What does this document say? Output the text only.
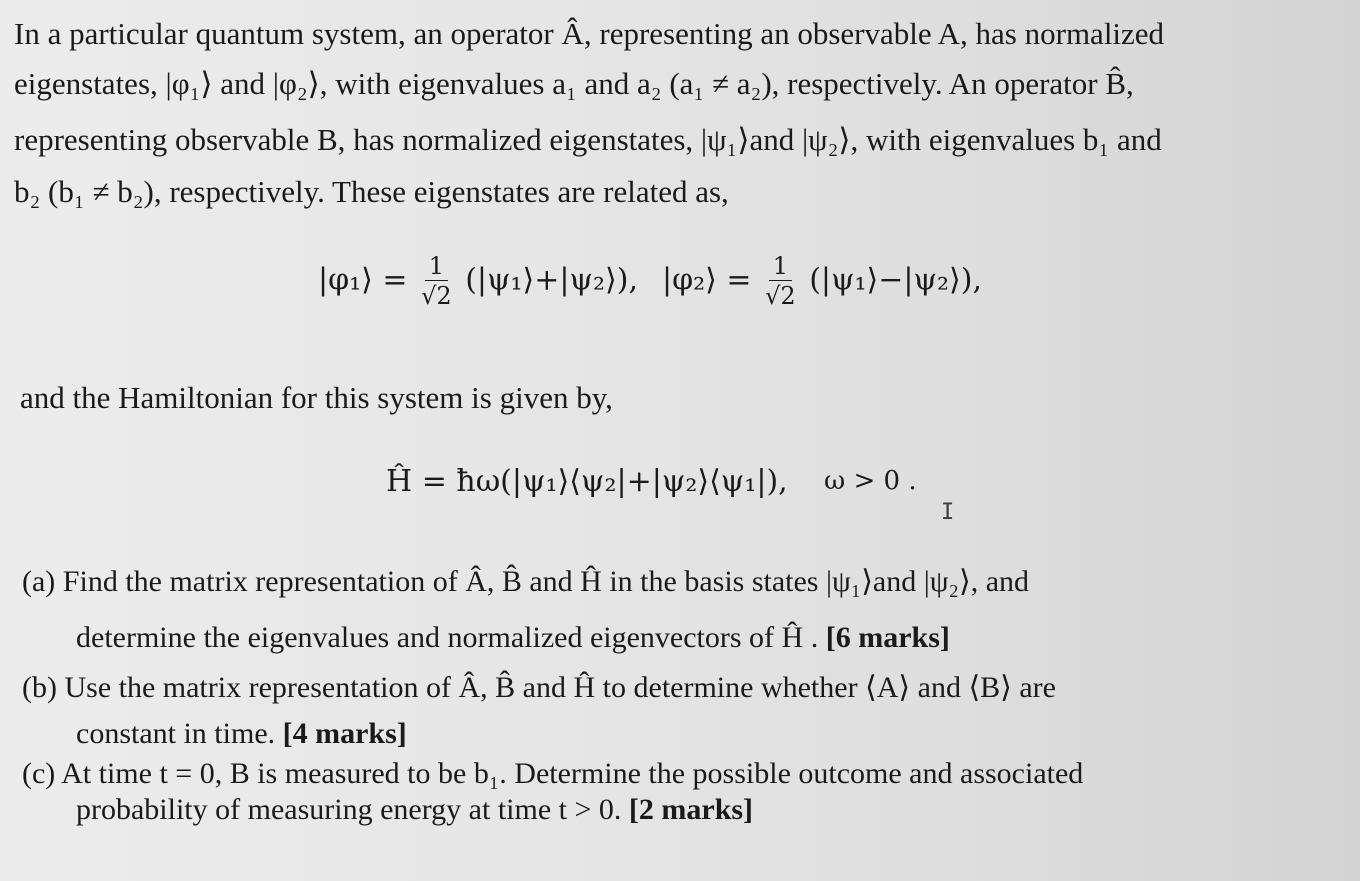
In a particular quantum system, an operator Â, representing an observable A, has normalized
eigenstates, |φ₁⟩ and |φ₂⟩, with eigenvalues a₁ and a₂ (a₁ ≠ a₂), respectively. An operator B̂,
representing observable B, has normalized eigenstates, |ψ₁⟩and |ψ₂⟩, with eigenvalues b₁ and
b₂ (b₁ ≠ b₂), respectively. These eigenstates are related as,
|φ₁⟩ = $\frac{1}{√2}$ (|ψ₁⟩+|ψ₂⟩), |φ₂⟩ = $\frac{1}{√2}$ (|ψ₁⟩−|ψ₂⟩),
and the Hamiltonian for this system is given by,
Ĥ = ħω(|ψ₁⟩⟨ψ₂|+|ψ₂⟩⟨ψ₁|), ω > 0 .
I
(a) Find the matrix representation of Â, B̂ and Ĥ in the basis states |ψ₁⟩and |ψ₂⟩, and
determine the eigenvalues and normalized eigenvectors of Ĥ . [6 marks]
(b) Use the matrix representation of Â, B̂ and Ĥ to determine whether ⟨A⟩ and ⟨B⟩ are
constant in time. [4 marks]
(c) At time t = 0, B is measured to be b₁. Determine the possible outcome and associated
probability of measuring energy at time t > 0. [2 marks]
